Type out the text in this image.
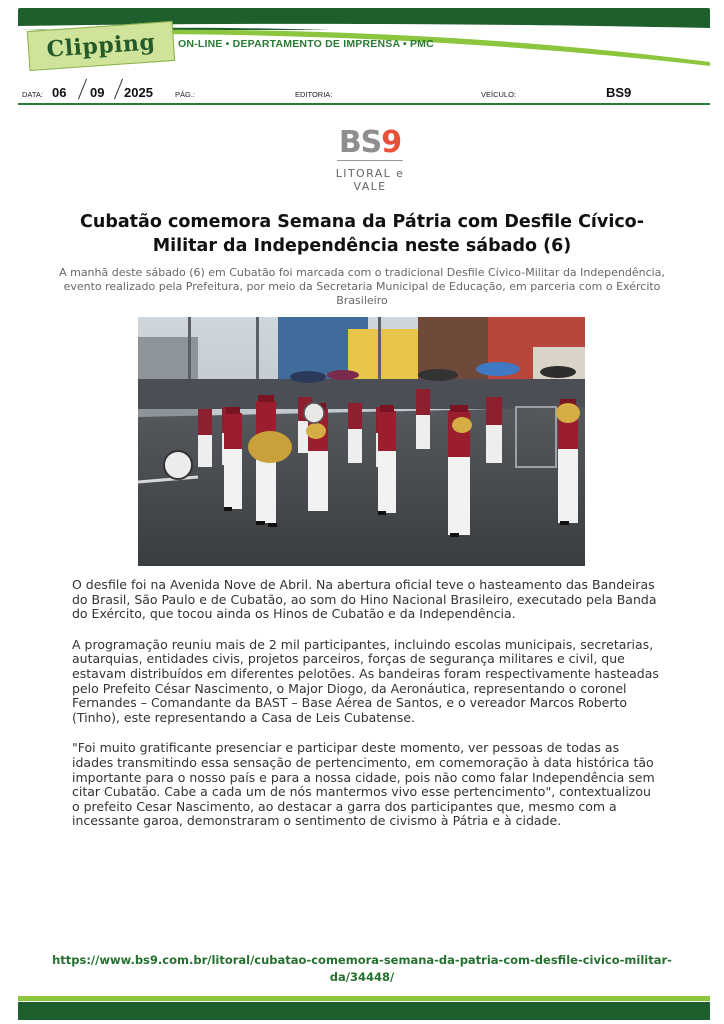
Clipping ON-LINE • DEPARTAMENTO DE IMPRENSA • PMC
DATA: 06 09 2025	PÁG.:	EDITORIA:	VEÍCULO:	BS9
BS9
LITORAL e VALE
Cubatão comemora Semana da Pátria com Desfile Cívico-
Militar da Independência neste sábado (6)
A manhã deste sábado (6) em Cubatão foi marcada com o tradicional Desfile Cívico-Militar da Independência, evento realizado pela Prefeitura, por meio da Secretaria Municipal de Educação, em parceria com o Exército Brasileiro

O desfile foi na Avenida Nove de Abril. Na abertura oficial teve o hasteamento das Bandeiras do Brasil, São Paulo e de Cubatão, ao som do Hino Nacional Brasileiro, executado pela Banda do Exército, que tocou ainda os Hinos de Cubatão e da Independência.

A programação reuniu mais de 2 mil participantes, incluindo escolas municipais, secretarias, autarquias, entidades civis, projetos parceiros, forças de segurança militares e civil, que estavam distribuídos em diferentes pelotões. As bandeiras foram respectivamente hasteadas pelo Prefeito César Nascimento, o Major Diogo, da Aeronáutica, representando o coronel Fernandes – Comandante da BAST – Base Aérea de Santos, e o vereador Marcos Roberto (Tinho), este representando a Casa de Leis Cubatense.

"Foi muito gratificante presenciar e participar deste momento, ver pessoas de todas as idades transmitindo essa sensação de pertencimento, em comemoração à data histórica tão importante para o nosso país e para a nossa cidade, pois não como falar Independência sem citar Cubatão. Cabe a cada um de nós mantermos vivo esse pertencimento", contextualizou o prefeito Cesar Nascimento, ao destacar a garra dos participantes que, mesmo com a incessante garoa, demonstraram o sentimento de civismo à Pátria e à cidade.

https://www.bs9.com.br/litoral/cubatao-comemora-semana-da-patria-com-desfile-civico-militar-
da/34448/
